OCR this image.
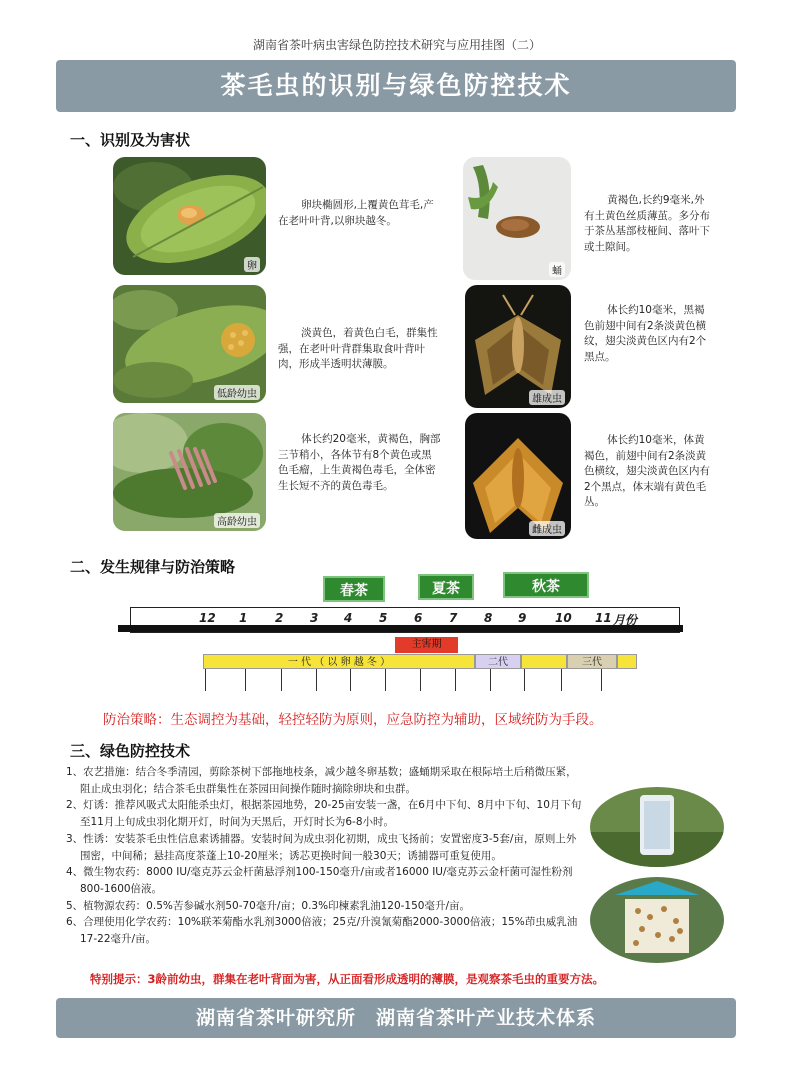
湖南省茶叶病虫害绿色防控技术研究与应用挂图（二）
茶毛虫的识别与绿色防控技术
一、识别及为害状
卵
低龄幼虫
高龄幼虫

卵块椭圆形,上覆黄色茸毛,产在老叶叶背,以卵块越冬。

淡黄色，着黄色白毛，群集性强，在老叶叶背群集取食叶背叶肉，形成半透明状薄膜。

体长约20毫米，黄褐色，胸部三节稍小，各体节有8个黄色或黑色毛瘤，上生黄褐色毒毛，全体密生长短不齐的黄色毒毛。

蛹
雄成虫
雌成虫

黄褐色,长约9毫米,外有土黄色丝质薄茧。多分布于茶丛基部枝桠间、落叶下或土隙间。

体长约10毫米，黑褐色前翅中间有2条淡黄色横纹，翅尖淡黄色区内有2个黑点。

体长约10毫米，体黄褐色，前翅中间有2条淡黄色横纹，翅尖淡黄色区内有2个黑点，体末端有黄色毛丛。

二、发生规律与防治策略
春茶	夏茶	秋茶
12 1 2 3 4 5 6 7 8 9 10 11 月份
主害期
一 代 （ 以 卵 越 冬 ）	二代	三代
防治策略：生态调控为基础，轻控轻防为原则，应急防控为辅助，区域统防为手段。
三、绿色防控技术

1、农艺措施：结合冬季清园，剪除茶树下部拖地枝条，减少越冬卵基数；盛蛹期采取在根际培土后稍微压紧，阻止成虫羽化；结合茶毛虫群集性在茶园田间操作随时摘除卵块和虫群。

2、灯诱：推荐风吸式太阳能杀虫灯，根据茶园地势，20-25亩安装一盏，在6月中下旬、8月中下旬、10月下旬至11月上旬成虫羽化期开灯，时间为天黑后，开灯时长为6-8小时。

3、性诱：安装茶毛虫性信息素诱捕器。安装时间为成虫羽化初期，成虫飞扬前；安置密度3-5套/亩，原则上外围密，中间稀；悬挂高度茶蓬上10-20厘米；诱芯更换时间一般30天；诱捕器可重复使用。

4、微生物农药：8000 IU/毫克苏云金杆菌悬浮剂100-150毫升/亩或者16000 IU/毫克苏云金杆菌可湿性粉剂800-1600倍液。

5、植物源农药：0.5%苦参碱水剂50-70毫升/亩；0.3%印楝素乳油120-150毫升/亩。

6、合理使用化学农药：10%联苯菊酯水乳剂3000倍液；25克/升溴氰菊酯2000-3000倍液；15%茚虫威乳油17-22毫升/亩。

特别提示：3龄前幼虫，群集在老叶背面为害，从正面看形成透明的薄膜，是观察茶毛虫的重要方法。
湖南省茶叶研究所　湖南省茶叶产业技术体系
